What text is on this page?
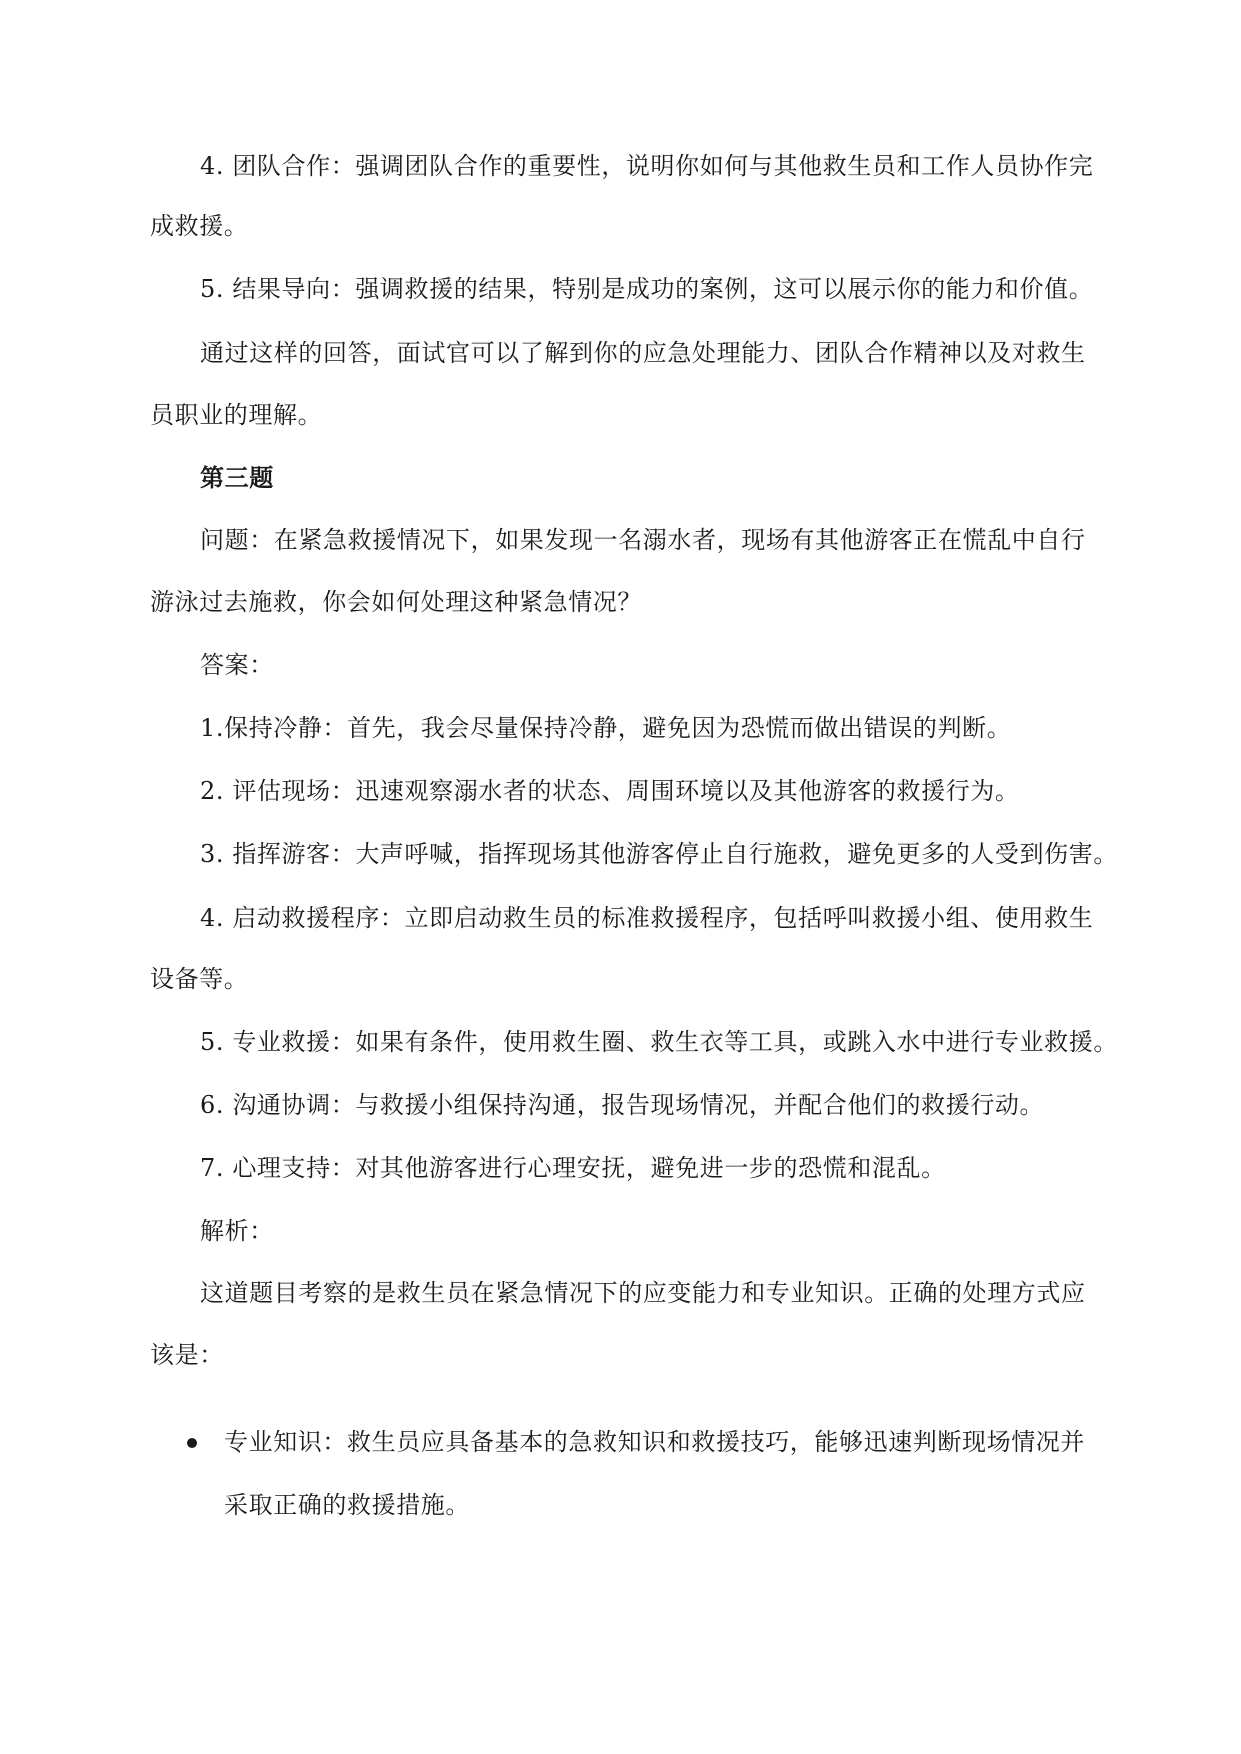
4. 团队合作：强调团队合作的重要性，说明你如何与其他救生员和工作人员协作完
成救援。
5. 结果导向：强调救援的结果，特别是成功的案例，这可以展示你的能力和价值。
通过这样的回答，面试官可以了解到你的应急处理能力、团队合作精神以及对救生
员职业的理解。
第三题
问题：在紧急救援情况下，如果发现一名溺水者，现场有其他游客正在慌乱中自行
游泳过去施救，你会如何处理这种紧急情况？
答案：
1.保持冷静：首先，我会尽量保持冷静，避免因为恐慌而做出错误的判断。
2. 评估现场：迅速观察溺水者的状态、周围环境以及其他游客的救援行为。
3. 指挥游客：大声呼喊，指挥现场其他游客停止自行施救，避免更多的人受到伤害。
4. 启动救援程序：立即启动救生员的标准救援程序，包括呼叫救援小组、使用救生
设备等。
5. 专业救援：如果有条件，使用救生圈、救生衣等工具，或跳入水中进行专业救援。
6. 沟通协调：与救援小组保持沟通，报告现场情况，并配合他们的救援行动。
7. 心理支持：对其他游客进行心理安抚，避免进一步的恐慌和混乱。
解析：
这道题目考察的是救生员在紧急情况下的应变能力和专业知识。正确的处理方式应
该是：
专业知识：救生员应具备基本的急救知识和救援技巧，能够迅速判断现场情况并
采取正确的救援措施。
